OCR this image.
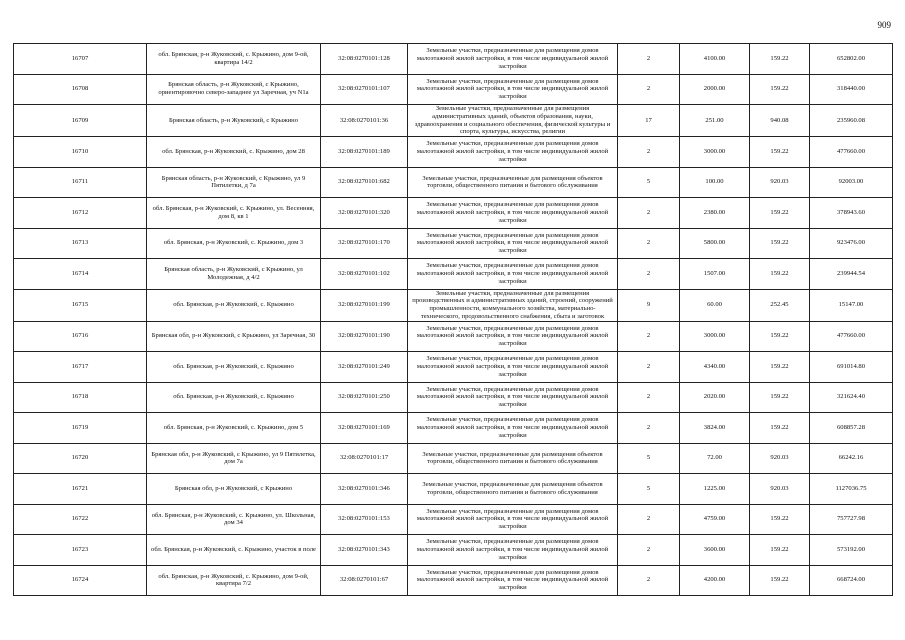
909
16707	обл. Брянская, р-н Жуковский, с. Крыжино, дом 9-ой, квартира 14/2	32:08:0270101:128	Земельные участки, предназначенные для размещения домов малоэтажной жилой застройки, в том числе индивидуальной жилой застройки	2	4100.00	159.22	652802.00
16708	Брянская область, р-н Жуковский, с Крыжино, ориентировочно северо-западнее ул Заречная, уч N1а	32:08:0270101:107	Земельные участки, предназначенные для размещения домов малоэтажной жилой застройки, в том числе индивидуальной жилой застройки	2	2000.00	159.22	318440.00
16709	Брянская область, р-н Жуковский, с Крыжино	32:08:0270101:36	Земельные участки, предназначенные для размещения административных зданий, объектов образования, науки, здравоохранения и социального обеспечения, физической культуры и спорта, культуры, искусства, религии	17	251.00	940.08	235960.08
16710	обл. Брянская, р-н Жуковский, с. Крыжино, дом 28	32:08:0270101:189	Земельные участки, предназначенные для размещения домов малоэтажной жилой застройки, в том числе индивидуальной жилой застройки	2	3000.00	159.22	477660.00
16711	Брянская область, р-н Жуковский, с Крыжино, ул 9 Пятилетки, д 7а	32:08:0270101:682	Земельные участки, предназначенные для размещения объектов торговли, общественного питания и бытового обслуживания	5	100.00	920.03	92003.00
16712	обл. Брянская, р-н Жуковский, с. Крыжино, ул. Весенняя, дом 8, кв 1	32:08:0270101:320	Земельные участки, предназначенные для размещения домов малоэтажной жилой застройки, в том числе индивидуальной жилой застройки	2	2380.00	159.22	378943.60
16713	обл. Брянская, р-н Жуковский, с. Крыжино, дом 3	32:08:0270101:170	Земельные участки, предназначенные для размещения домов малоэтажной жилой застройки, в том числе индивидуальной жилой застройки	2	5800.00	159.22	923476.00
16714	Брянская область, р-н Жуковский, с Крыжино, ул Молодежная, д 4/2	32:08:0270101:102	Земельные участки, предназначенные для размещения домов малоэтажной жилой застройки, в том числе индивидуальной жилой застройки	2	1507.00	159.22	239944.54
16715	обл. Брянская, р-н Жуковский, с. Крыжино	32:08:0270101:199	Земельные участки, предназначенные для размещения производственных и административных зданий, строений, сооружений промышленности, коммунального хозяйства, материально-технического, продовольственного снабжения, сбыта и заготовок	9	60.00	252.45	15147.00
16716	Брянская обл, р-н Жуковский, с Крыжино, ул Заречная, 30	32:08:0270101:190	Земельные участки, предназначенные для размещения домов малоэтажной жилой застройки, в том числе индивидуальной жилой застройки	2	3000.00	159.22	477660.00
16717	обл. Брянская, р-н Жуковский, с. Крыжино	32:08:0270101:249	Земельные участки, предназначенные для размещения домов малоэтажной жилой застройки, в том числе индивидуальной жилой застройки	2	4340.00	159.22	691014.80
16718	обл. Брянская, р-н Жуковский, с. Крыжино	32:08:0270101:250	Земельные участки, предназначенные для размещения домов малоэтажной жилой застройки, в том числе индивидуальной жилой застройки	2	2020.00	159.22	321624.40
16719	обл. Брянская, р-н Жуковский, с. Крыжино, дом 5	32:08:0270101:169	Земельные участки, предназначенные для размещения домов малоэтажной жилой застройки, в том числе индивидуальной жилой застройки	2	3824.00	159.22	608857.28
16720	Брянская обл, р-н Жуковский, с Крыжино, ул 9 Пятилетка, дом 7а	32:08:0270101:17	Земельные участки, предназначенные для размещения объектов торговли, общественного питания и бытового обслуживания	5	72.00	920.03	66242.16
16721	Брянская обл, р-н Жуковский, с Крыжино	32:08:0270101:346	Земельные участки, предназначенные для размещения объектов торговли, общественного питания и бытового обслуживания	5	1225.00	920.03	1127036.75
16722	обл. Брянская, р-н Жуковский, с. Крыжино, ул. Школьная, дом 34	32:08:0270101:153	Земельные участки, предназначенные для размещения домов малоэтажной жилой застройки, в том числе индивидуальной жилой застройки	2	4759.00	159.22	757727.98
16723	обл. Брянская, р-н Жуковский, с. Крыжино, участок в поле	32:08:0270101:343	Земельные участки, предназначенные для размещения домов малоэтажной жилой застройки, в том числе индивидуальной жилой застройки	2	3600.00	159.22	573192.00
16724	обл. Брянская, р-н Жуковский, с. Крыжино, дом 9-ой, квартира 7/2	32:08:0270101:67	Земельные участки, предназначенные для размещения домов малоэтажной жилой застройки, в том числе индивидуальной жилой застройки	2	4200.00	159.22	668724.00
